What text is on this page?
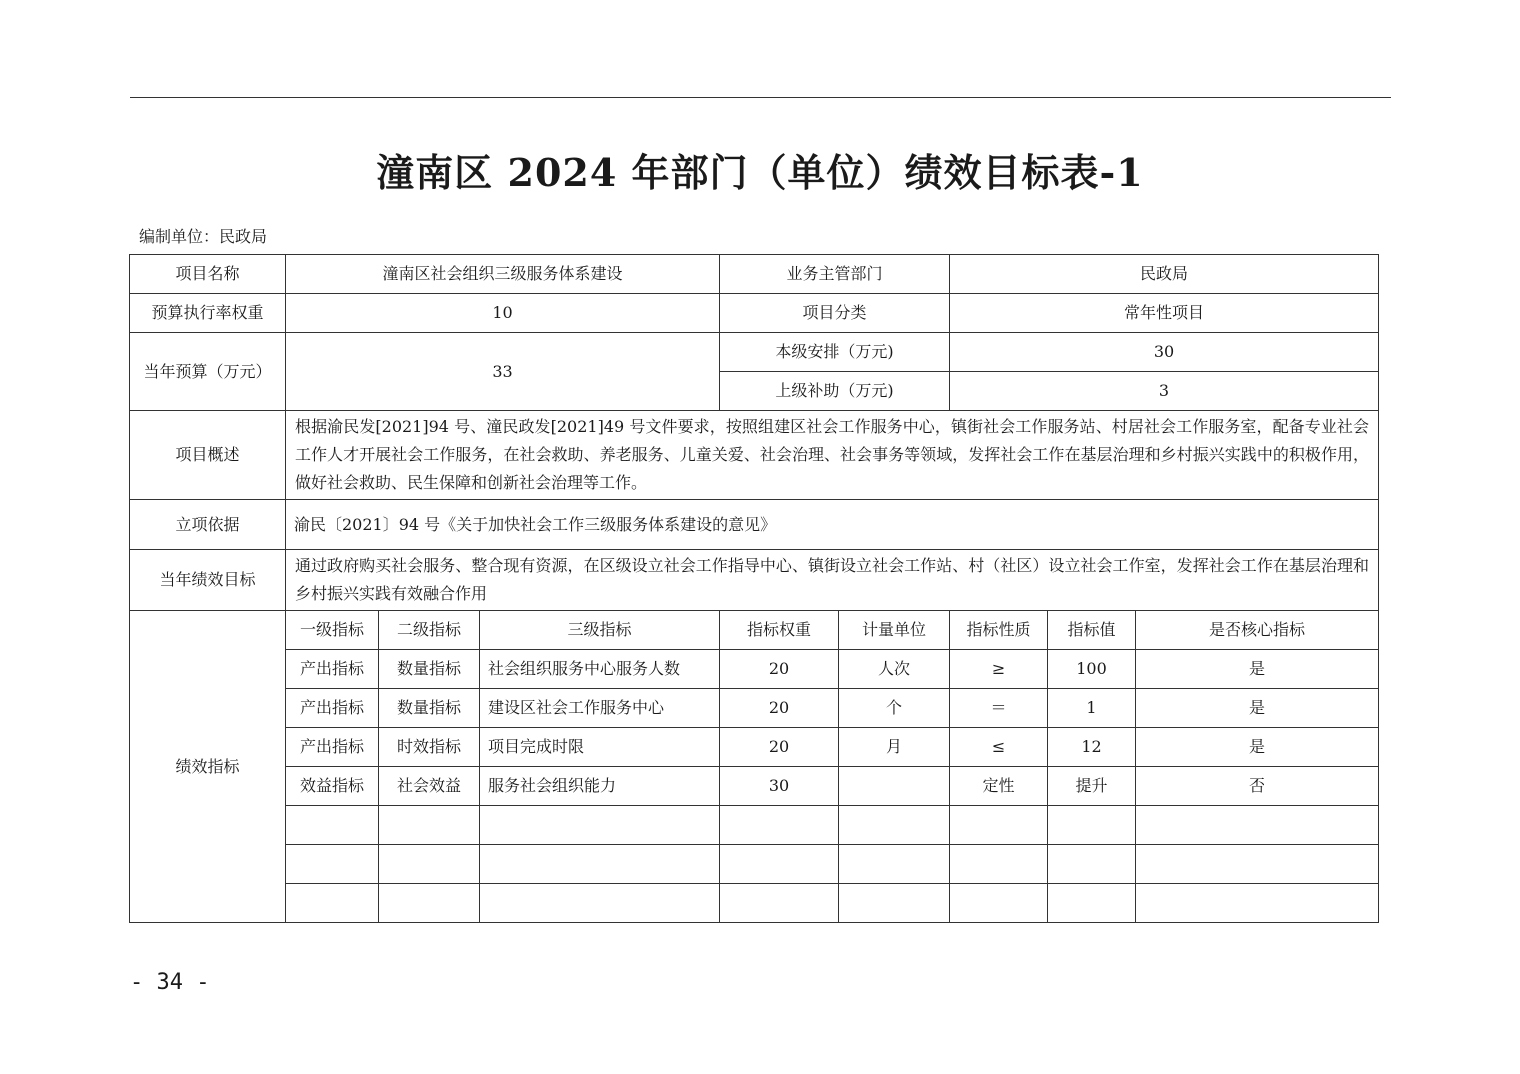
潼南区 2024 年部门（单位）绩效目标表-1
编制单位：民政局
项目名称	潼南区社会组织三级服务体系建设			业务主管部门		民政局		
预算执行率权重	10			项目分类		常年性项目		
当年预算（万元）	33			本级安排（万元)		30		
				上级补助（万元)		3		
项目概述	根据渝民发[2021]94 号、潼民政发[2021]49 号文件要求，按照组建区社会工作服务中心，镇街社会工作服务站、村居社会工作服务室，配备专业社会工作人才开展社会工作服务，在社会救助、养老服务、儿童关爱、社会治理、社会事务等领域，发挥社会工作在基层治理和乡村振兴实践中的积极作用，做好社会救助、民生保障和创新社会治理等工作。							
立项依据	渝民〔2021〕94 号《关于加快社会工作三级服务体系建设的意见》							
当年绩效目标	通过政府购买社会服务、整合现有资源，在区级设立社会工作指导中心、镇街设立社会工作站、村（社区）设立社会工作室，发挥社会工作在基层治理和乡村振兴实践有效融合作用							
绩效指标	一级指标	二级指标	三级指标	指标权重	计量单位	指标性质	指标值	是否核心指标
	产出指标	数量指标	社会组织服务中心服务人数	20	人次	≥	100	是
	产出指标	数量指标	建设区社会工作服务中心	20	个	＝	1	是
	产出指标	时效指标	项目完成时限	20	月	≤	12	是
	效益指标	社会效益	服务社会组织能力	30		定性	提升	否

- 34 -
